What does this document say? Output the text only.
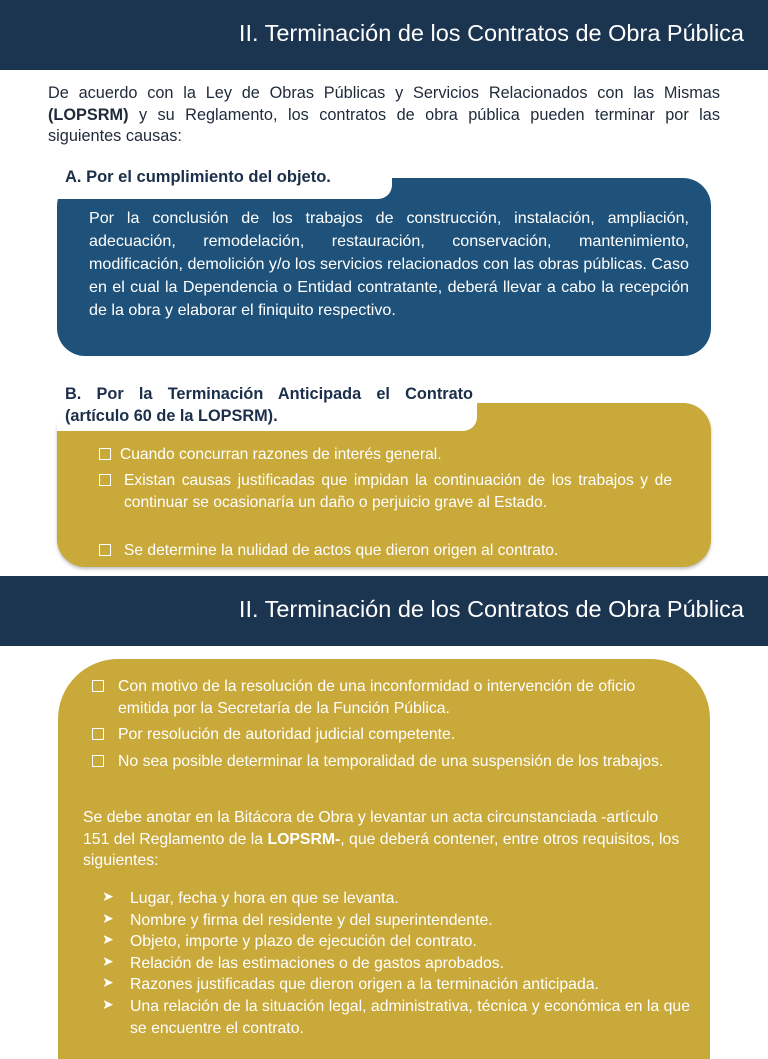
II. Terminación de los Contratos de Obra Pública

De acuerdo con la Ley de Obras Públicas y Servicios Relacionados con las Mismas (LOPSRM) y su Reglamento, los contratos de obra pública pueden terminar por las siguientes causas:

Por la conclusión de los trabajos de construcción, instalación, ampliación, adecuación, remodelación, restauración, conservación, mantenimiento, modificación, demolición y/o los servicios relacionados con las obras públicas. Caso en el cual la Dependencia o Entidad contratante, deberá llevar a cabo la recepción de la obra y elaborar el finiquito respectivo.

A. Por el cumplimiento del objeto.

Cuando concurran razones de interés general.

Existan causas justificadas que impidan la continuación de los trabajos y de continuar se ocasionaría un daño o perjuicio grave al Estado.

Se determine la nulidad de actos que dieron origen al contrato.

B. Por la Terminación Anticipada el Contrato (artículo 60 de la LOPSRM).
II. Terminación de los Contratos de Obra Pública

Con motivo de la resolución de una inconformidad o intervención de oficio emitida por la Secretaría de la Función Pública.

Por resolución de autoridad judicial competente.

No sea posible determinar la temporalidad de una suspensión de los trabajos.

Se debe anotar en la Bitácora de Obra y levantar un acta circunstanciada -artículo 151 del Reglamento de la LOPSRM-, que deberá contener, entre otros requisitos, los siguientes:

➤ Lugar, fecha y hora en que se levanta.

➤ Nombre y firma del residente y del superintendente.

➤ Objeto, importe y plazo de ejecución del contrato.

➤ Relación de las estimaciones o de gastos aprobados.

➤ Razones justificadas que dieron origen a la terminación anticipada.

➤ Una relación de la situación legal, administrativa, técnica y económica en la que se encuentre el contrato.
